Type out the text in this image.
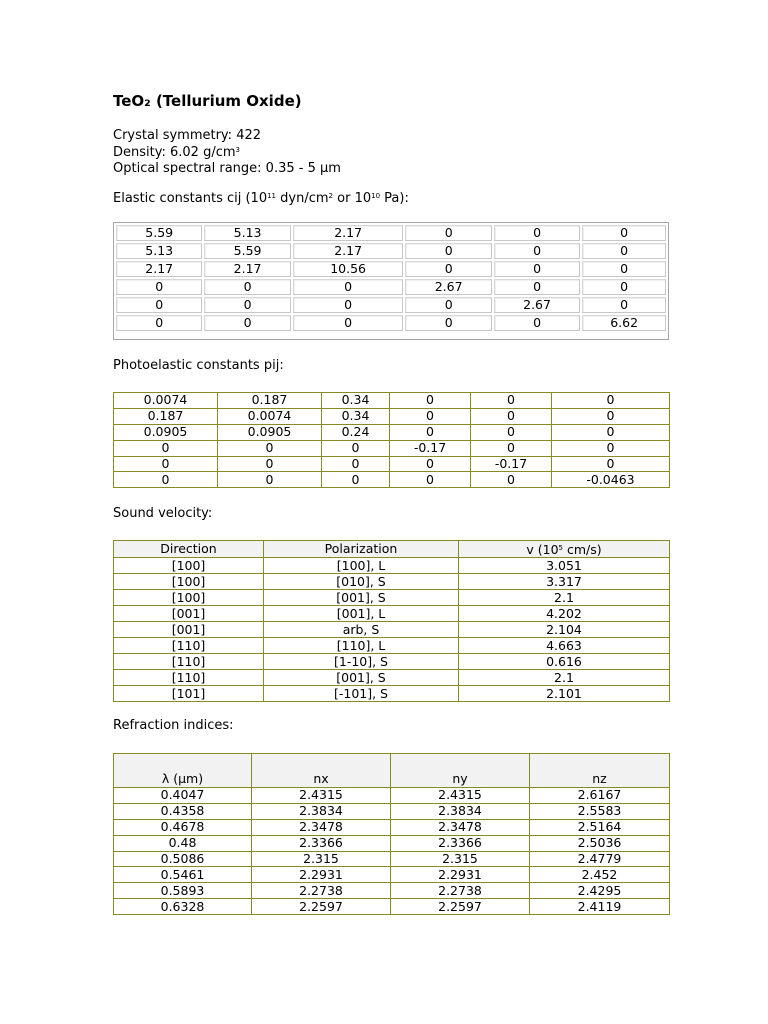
TeO₂ (Tellurium Oxide)
Crystal symmetry: 422
Density: 6.02 $g/cm^3$
Optical spectral range: 0.35 - 5 μm
Elastic constants cij ($10^{11}$ dyn/$cm^2$ or $10^{10}$ Pa):
5.59	5.13	2.17	0	0	0
5.13	5.59	2.17	0	0	0
2.17	2.17	10.56	0	0	0
0	0	0	2.67	0	0
0	0	0	0	2.67	0
0	0	0	0	0	6.62
Photoelastic constants pij:
0.0074	0.187	0.34	0	0	0
0.187	0.0074	0.34	0	0	0
0.0905	0.0905	0.24	0	0	0
0	0	0	-0.17	0	0
0	0	0	0	-0.17	0
0	0	0	0	0	-0.0463
Sound velocity:
Direction	Polarization	v ($10^5$ cm/s)
[100]	[100], L	3.051
[100]	[010], S	3.317
[100]	[001], S	2.1
[001]	[001], L	4.202
[001]	arb, S	2.104
[110]	[110], L	4.663
[110]	[1-10], S	0.616
[110]	[001], S	2.1
[101]	[-101], S	2.101
Refraction indices:
λ (μm)	nx	ny	nz
0.4047	2.4315	2.4315	2.6167
0.4358	2.3834	2.3834	2.5583
0.4678	2.3478	2.3478	2.5164
0.48	2.3366	2.3366	2.5036
0.5086	2.315	2.315	2.4779
0.5461	2.2931	2.2931	2.452
0.5893	2.2738	2.2738	2.4295
0.6328	2.2597	2.2597	2.4119
